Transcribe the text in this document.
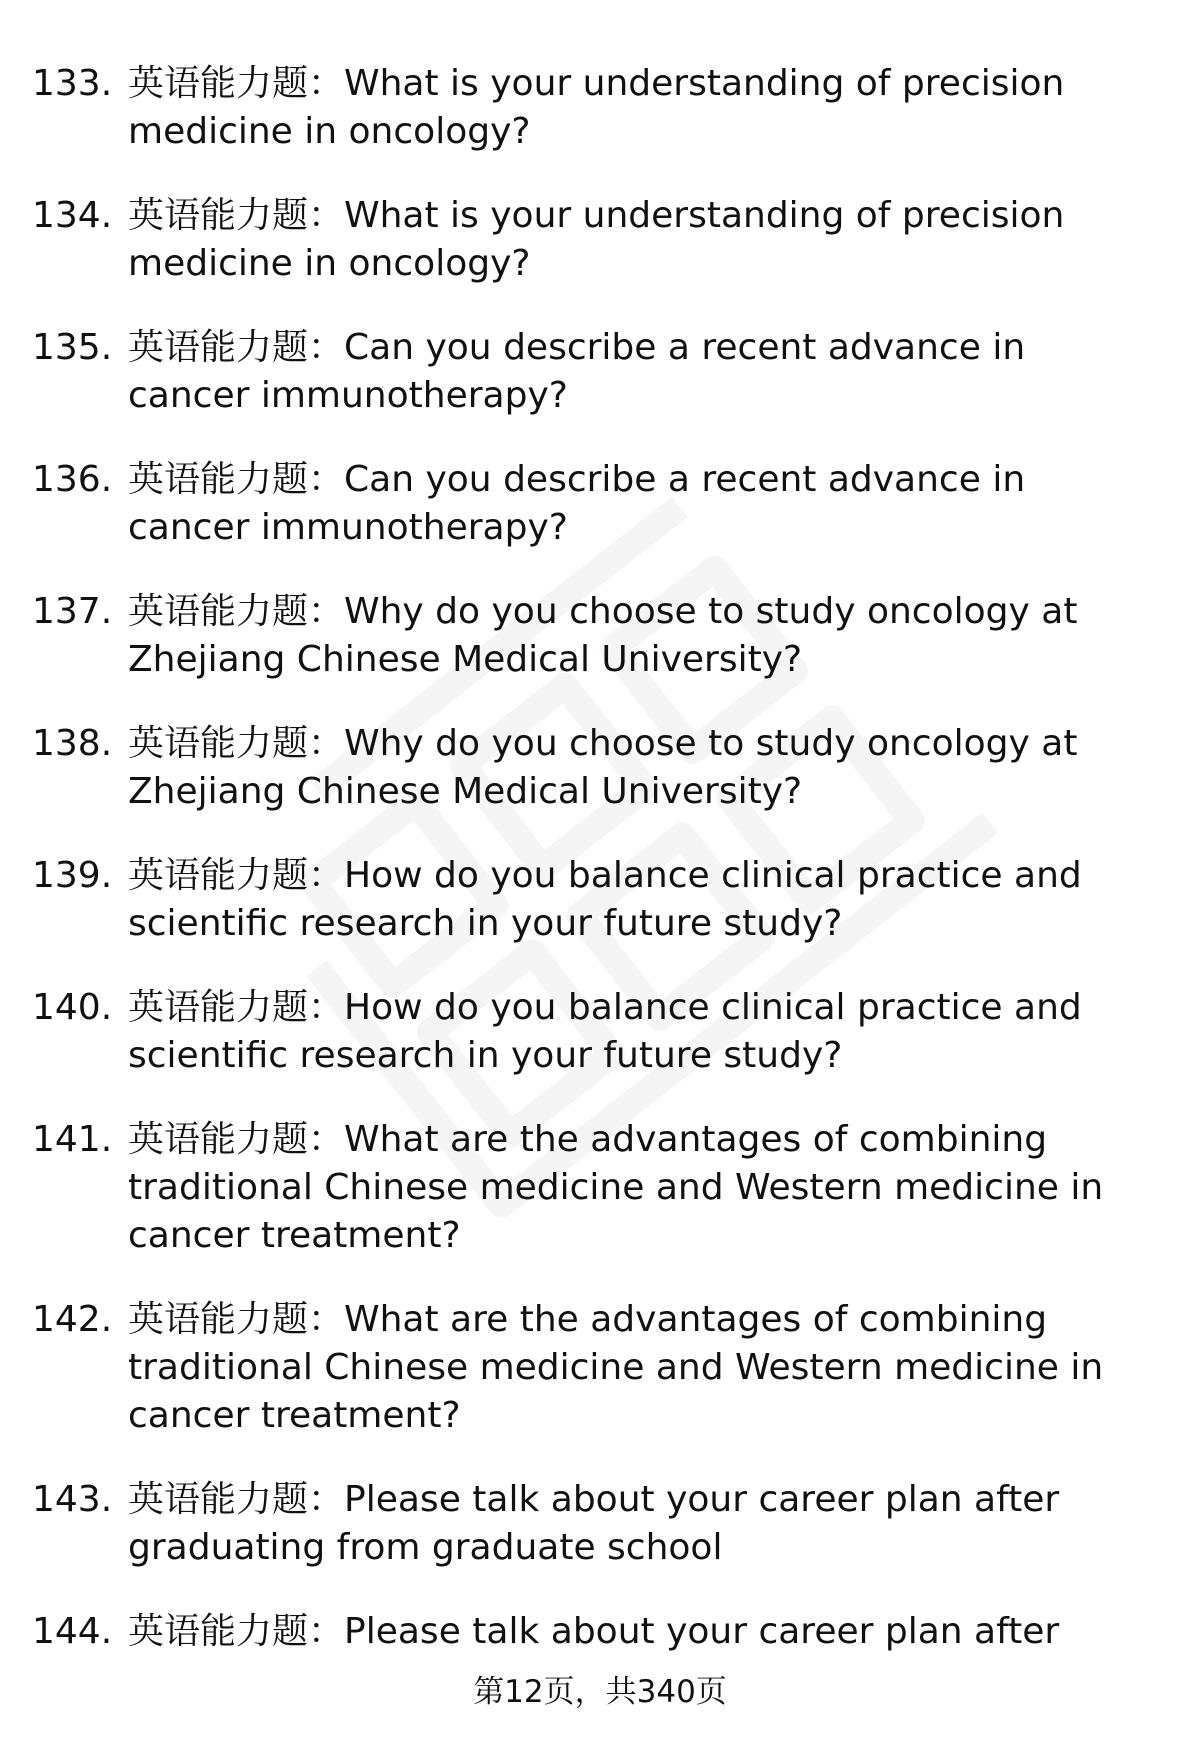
133. 英语能力题：What is your understanding of precision medicine in oncology?
134. 英语能力题：What is your understanding of precision medicine in oncology?
135. 英语能力题：Can you describe a recent advance in cancer immunotherapy?
136. 英语能力题：Can you describe a recent advance in cancer immunotherapy?
137. 英语能力题：Why do you choose to study oncology at Zhejiang Chinese Medical University?
138. 英语能力题：Why do you choose to study oncology at Zhejiang Chinese Medical University?
139. 英语能力题：How do you balance clinical practice and scientific research in your future study?
140. 英语能力题：How do you balance clinical practice and scientific research in your future study?
141. 英语能力题：What are the advantages of combining traditional Chinese medicine and Western medicine in cancer treatment?
142. 英语能力题：What are the advantages of combining traditional Chinese medicine and Western medicine in cancer treatment?
143. 英语能力题：Please talk about your career plan after graduating from graduate school
144. 英语能力题：Please talk about your career plan after
第12页，共340页
